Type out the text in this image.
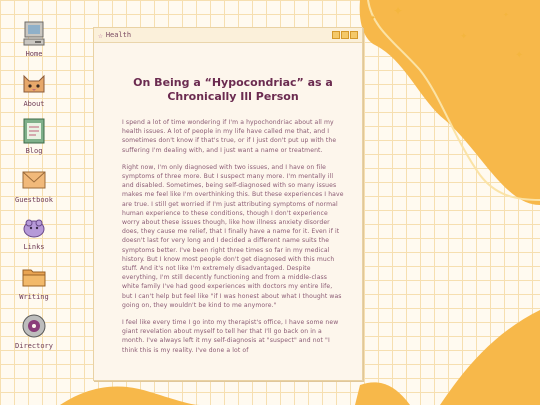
✦
✦
✦
✦
✦
Home
About
Blog
Guestbook
Links
Writing
Directory
☆ Health
On Being a “Hypocondriac” as a
Chronically Ill Person

I spend a lot of time wondering if I'm a hypochondriac about all my health issues. A lot of people in my life have called me that, and I sometimes don't know if that's true, or if I just don't put up with the suffering I'm dealing with, and I just want a name or treatment.

Right now, I'm only diagnosed with two issues, and I have on file symptoms of three more. But I suspect many more. I'm mentally ill and disabled. Sometimes, being self-diagnosed with so many issues makes me feel like I'm overthinking this. But these experiences I have are true. I still get worried if I'm just attributing symptoms of normal human experience to these conditions, though I don't experience worry about these issues though, like how illness anxiety disorder does, they cause me relief, that I finally have a name for it. Even if it doesn't last for very long and I decided a different name suits the symptoms better. I've been right three times so far in my medical history. But I know most people don't get diagnosed with this much stuff. And it's not like I'm extremely disadvantaged. Despite everything, I'm still decently functioning and from a middle-class white family I've had good experiences with doctors my entire life, but I can't help but feel like "if I was honest about what I thought was going on, they wouldn't be kind to me anymore."

I feel like every time I go into my therapist's office, I have some new giant revelation about myself to tell her that I'll go back on in a month. I've always left it my self-diagnosis at "suspect" and not "I think this is my reality. I've done a lot of
